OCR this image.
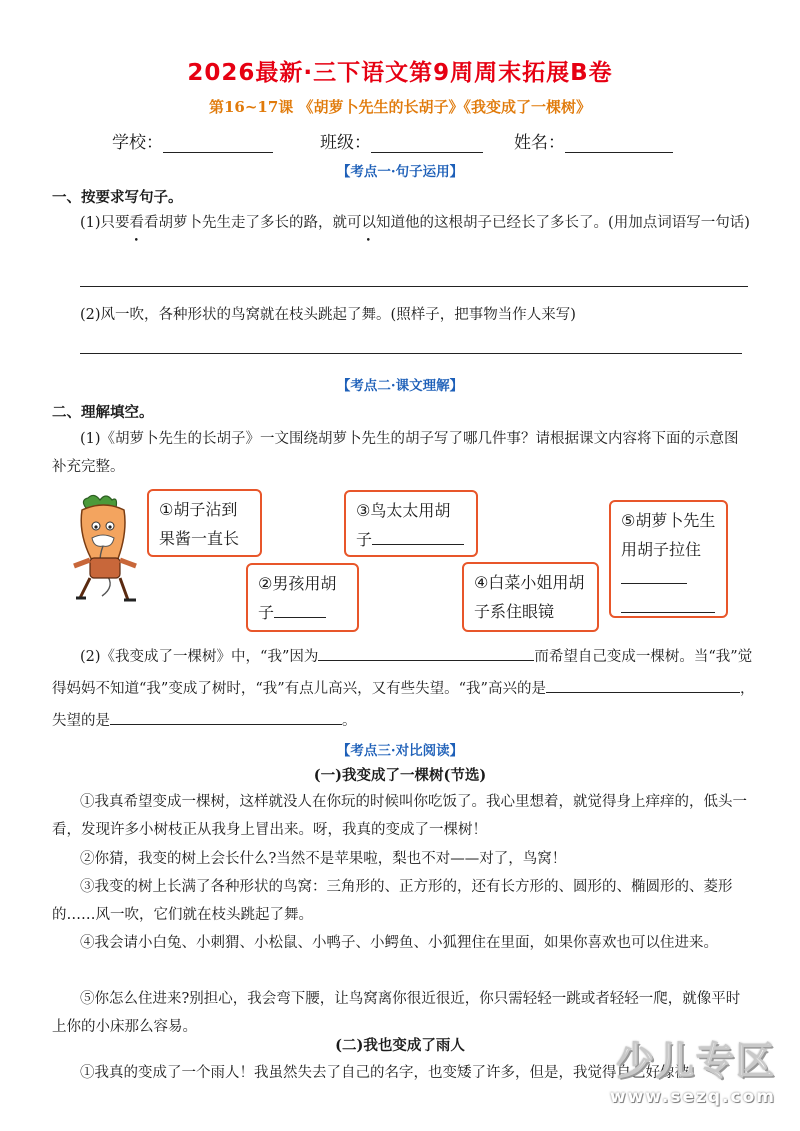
2026最新·三下语文第9周周末拓展B卷
第16~17课 《胡萝卜先生的长胡子》《我变成了一棵树》
学校：	班级：	姓名：
【考点一·句子运用】
一、按要求写句子。
(1)只要看看胡萝卜先生走了多长的路，就可以知道他的这根胡子已经长了多长了。(用加点词语写一句话)
(2)风一吹，各种形状的鸟窝就在枝头跳起了舞。(照样子，把事物当作人来写)
【考点二·课文理解】
二、理解填空。
(1)《胡萝卜先生的长胡子》一文围绕胡萝卜先生的胡子写了哪几件事？请根据课文内容将下面的示意图补充完整。
①胡子沾到果酱一直长
②男孩用胡子
③鸟太太用胡子
④白菜小姐用胡子系住眼镜
⑤胡萝卜先生用胡子拉住

(2)《我变成了一棵树》中，“我”因为	而希望自己变成一棵树。当“我”觉得妈妈不知道“我”变成了树时，“我”有点儿高兴，又有些失望。“我”高兴的是	，失望的是	。
【考点三·对比阅读】
(一)我变成了一棵树(节选)
①我真希望变成一棵树，这样就没人在你玩的时候叫你吃饭了。我心里想着，就觉得身上痒痒的，低头一看，发现许多小树枝正从我身上冒出来。呀，我真的变成了一棵树！
②你猜，我变的树上会长什么?当然不是苹果啦，梨也不对——对了，鸟窝！
③我变的树上长满了各种形状的鸟窝：三角形的、正方形的，还有长方形的、圆形的、椭圆形的、菱形的……风一吹，它们就在枝头跳起了舞。
④我会请小白兔、小刺猬、小松鼠、小鸭子、小鳄鱼、小狐狸住在里面，如果你喜欢也可以住进来。
⑤你怎么住进来?别担心，我会弯下腰，让鸟窝离你很近很近，你只需轻轻一跳或者轻轻一爬，就像平时上你的小床那么容易。
(二)我也变成了雨人
①我真的变成了一个雨人！我虽然失去了自己的名字，也变矮了许多，但是，我觉得自己好像被
少儿专区
www.sezq.com
